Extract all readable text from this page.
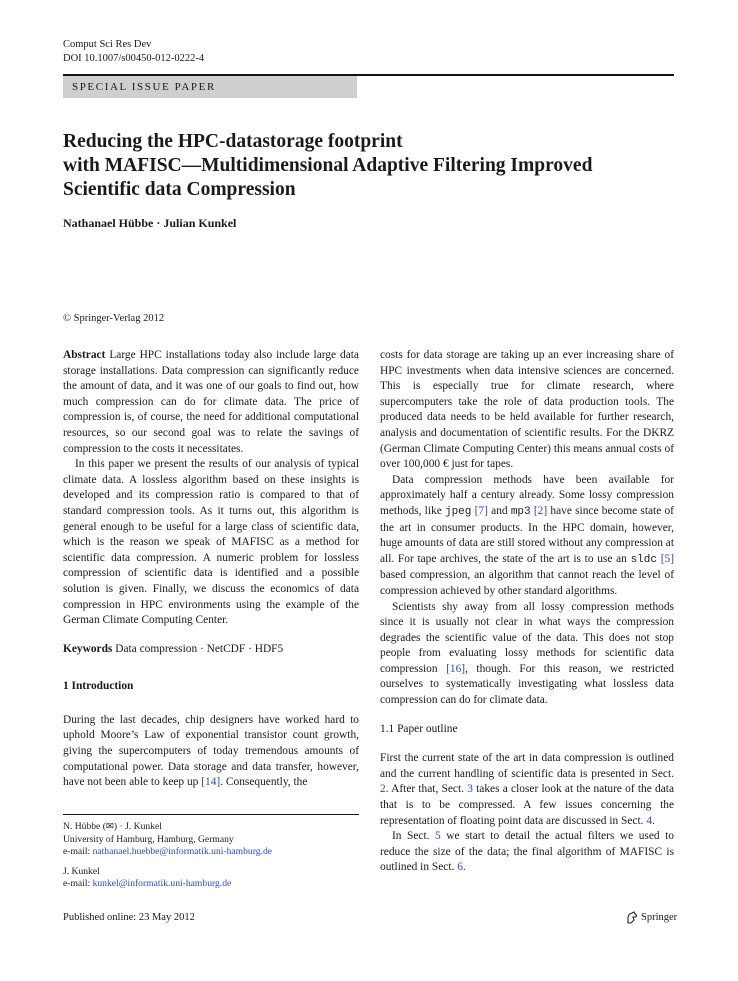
Comput Sci Res Dev
DOI 10.1007/s00450-012-0222-4
SPECIAL ISSUE PAPER
Reducing the HPC-datastorage footprint
with MAFISC—Multidimensional Adaptive Filtering Improved
Scientific data Compression
Nathanael Hübbe · Julian Kunkel
© Springer-Verlag 2012

Abstract Large HPC installations today also include large data storage installations. Data compression can significantly reduce the amount of data, and it was one of our goals to find out, how much compression can do for climate data. The price of compression is, of course, the need for additional computational resources, so our second goal was to relate the savings of compression to the costs it necessitates.

In this paper we present the results of our analysis of typical climate data. A lossless algorithm based on these insights is developed and its compression ratio is compared to that of standard compression tools. As it turns out, this algorithm is general enough to be useful for a large class of scientific data, which is the reason we speak of MAFISC as a method for scientific data compression. A numeric problem for lossless compression of scientific data is identified and a possible solution is given. Finally, we discuss the economics of data compression in HPC environments using the example of the German Climate Computing Center.

Keywords Data compression · NetCDF · HDF5

1 Introduction

During the last decades, chip designers have worked hard to uphold Moore’s Law of exponential transistor count growth, giving the supercomputers of today tremendous amounts of computational power. Data storage and data transfer, however, have not been able to keep up [14]. Consequently, the

costs for data storage are taking up an ever increasing share of HPC investments when data intensive sciences are concerned. This is especially true for climate research, where supercomputers take the role of data production tools. The produced data needs to be held available for further research, analysis and documentation of scientific results. For the DKRZ (German Climate Computing Center) this means annual costs of over 100,000 € just for tapes.

Data compression methods have been available for approximately half a century already. Some lossy compression methods, like jpeg [7] and mp3 [2] have since become state of the art in consumer products. In the HPC domain, however, huge amounts of data are still stored without any compression at all. For tape archives, the state of the art is to use an sldc [5] based compression, an algorithm that cannot reach the level of compression achieved by other standard algorithms.

Scientists shy away from all lossy compression methods since it is usually not clear in what ways the compression degrades the scientific value of the data. This does not stop people from evaluating lossy methods for scientific data compression [16], though. For this reason, we restricted ourselves to systematically investigating what lossless data compression can do for climate data.

1.1 Paper outline

First the current state of the art in data compression is outlined and the current handling of scientific data is presented in Sect. 2. After that, Sect. 3 takes a closer look at the nature of the data that is to be compressed. A few issues concerning the representation of floating point data are discussed in Sect. 4.

In Sect. 5 we start to detail the actual filters we used to reduce the size of the data; the final algorithm of MAFISC is outlined in Sect. 6.

N. Hübbe (✉) · J. Kunkel
University of Hamburg, Hamburg, Germany
e-mail: nathanael.huebbe@informatik.uni-hamburg.de
J. Kunkel
e-mail: kunkel@informatik.uni-hamburg.de
Published online: 23 May 2012	Springer
